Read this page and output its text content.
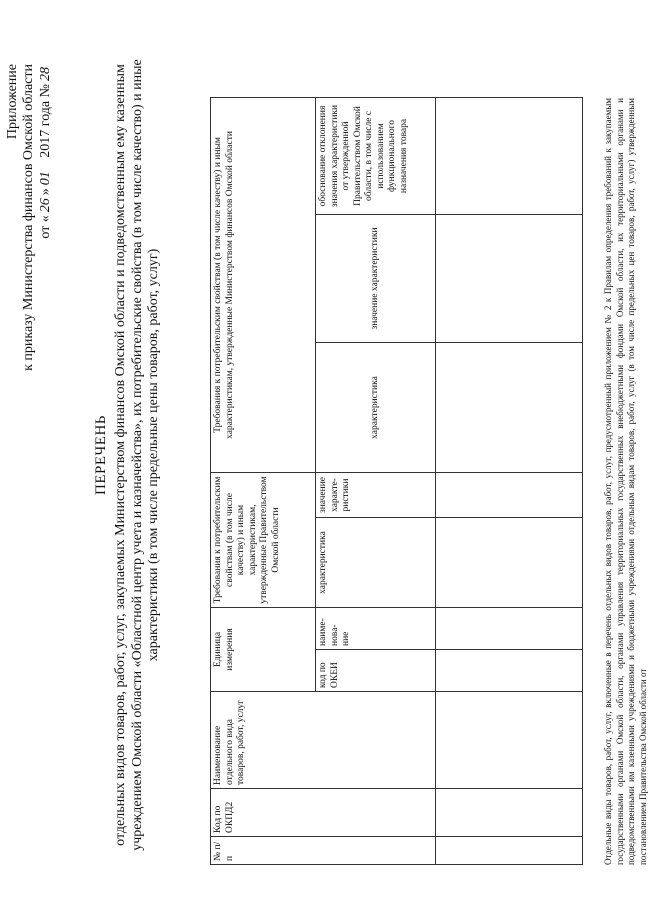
Приложение к приказу Министерства финансов Омской области от «26»01   2017 года №28
ПЕРЕЧЕНЬ отдельных видов товаров, работ, услуг, закупаемых Министерством финансов Омской области и подведомственным ему казенным учреждением Омской области «Областной центр учета и казначейства», их потребительские свойства (в том числе качество) и иные характеристики (в том числе предельные цены товаров, работ, услуг)
№ п/п	Код по ОКПД2	Наименование отдельного вида товаров, работ, услуг	Единица измерения		Требования к потребительским свойствам (в том числе качеству) и иным характеристикам, утвержденные Правительством Омской области		Требования к потребительским свойствам (в том числе качеству) и иным характеристикам, утвержденные Министерством финансов Омской области		
			код по ОКЕИ	наиме-нова-ние	характеристика	значение характе-ристики	характеристика	значение характеристики	обоснование отклонения значения характеристики от утвержденной Правительством Омской области, в том числе с использованием функционального назначения товара
										Отдельные виды товаров, работ, услуг, включенные в перечень отдельных видов товаров, работ, услуг, предусмотренный приложением № 2 к Правилам определения требований к закупаемым государственными органами Омской области, органами управления территориальных государственных внебюджетными фондами Омской области, их территориальными органами и подведомственными им казенными учреждениями и бюджетными учреждениями отдельным видам товаров, работ, услуг (в том числе предельных цен товаров, работ, услуг) утвержденным постановлением Правительства Омской области от
